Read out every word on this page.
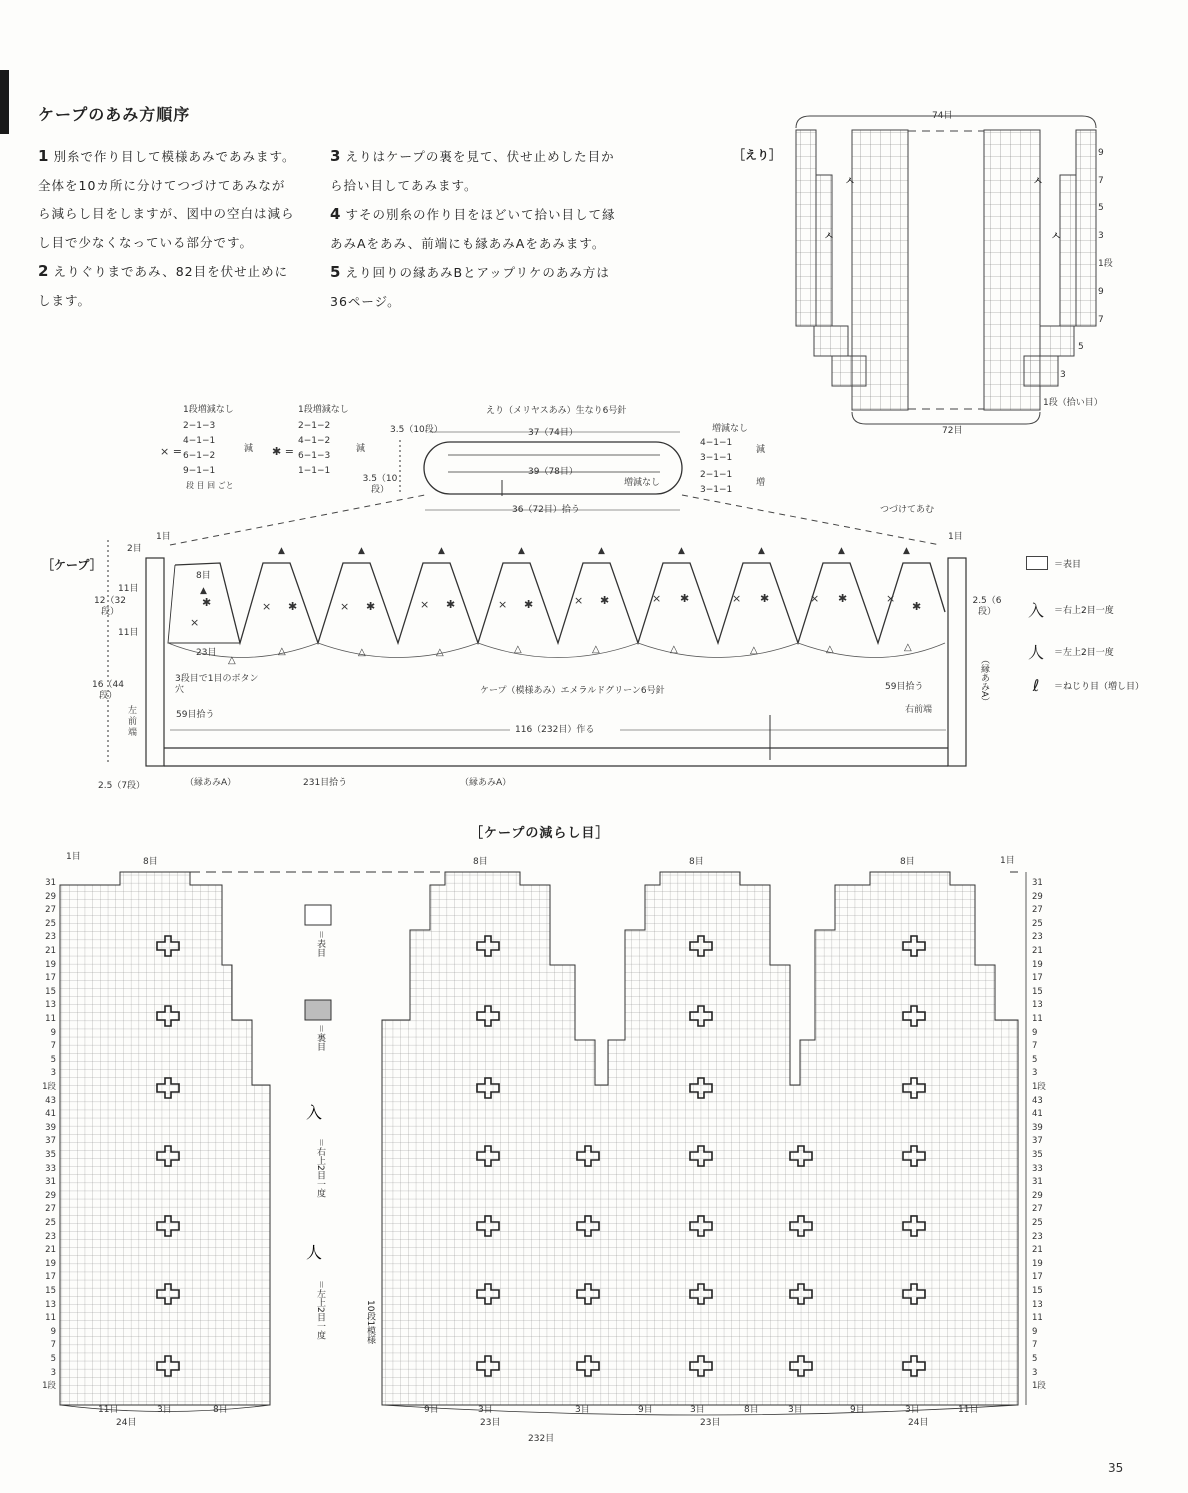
ケープのあみ方順序

1 別糸で作り目して模様あみであみます。全体を10カ所に分けてつづけてあみながら減らし目をしますが、図中の空白は減らし目で少なくなっている部分です。

2 えりぐりまであみ、82目を伏せ止めにします。

3 えりはケープの裏を見て、伏せ止めした目から拾い目してあみます。

4 すその別糸の作り目をほどいて拾い目して縁あみAをあみ、前端にも縁あみAをあみます。

5 えり回りの縁あみBとアップリケのあみ方は36ページ。

ㅅ
ㅅ
ㅅ
ㅅ
▲	▲	▲	▲	▲	▲	▲	▲	▲
▲
× ✱	× ✱	× ✱	× ✱	× ✱	× ✱	× ✱	× ✱	×
✱
✱
×
△	△	△	△	△	△	△	△	△
△
入
人
［えり］
74目
72目
1段（拾い目）
9
7
5
3
1段
9
7
5
3
1段増減なし
2−1−3
4−1−1
6−1−2
9−1−1
× =	減
段 目 回 ごと
1段増減なし
2−1−2
4−1−2
6−1−3
1−1−1
✱ =	減
えり（メリヤスあみ）生なり6号針
37（74目）
39（78目）
36（72目）拾う
3.5（10段）
3.5（10段）
増減なし
4−1−1
3−1−1
減
増減なし
2−1−1
3−1−1
増
つづけてあむ
［ケープ］
1目
2目
1目
8目
23目
11目
11目
12（32段）
16（44段）
2.5（7段）
2.5（6段）
3段目で1目のボタン穴
左前端
右前端
59目拾う
59目拾う
ケープ（模様あみ）エメラルドグリーン6号針
116（232目）作る
（縁あみA）	231目拾う	（縁あみA）
（縁あみA）
＝表目
入	＝右上2目一度
人	＝左上2目一度
ℓ	＝ねじり目（増し目）
［ケープの減らし目］
8目	8目	8目	8目
1目	1目
31
29
27
25
23
21
19
17
15
13
11
9
7
5
3
1段
43
41
39
37
35
33
31
29
27
25
23
21
19
17
15
13
11
9
7
5
3
1段
31
29
27
25
23
21
19
17
15
13
11
9
7
5
3
1段
43
41
39
37
35
33
31
29
27
25
23
21
19
17
15
13
11
9
7
5
3
1段
＝表目
＝裏目
＝右上2目一度
＝左上2目一度	10段1模様
11目	3目	8目	9目	3目	3目	9目	3目	8目	3目	9目	3目	11目
24目	23目	23目	24目
232目
35
